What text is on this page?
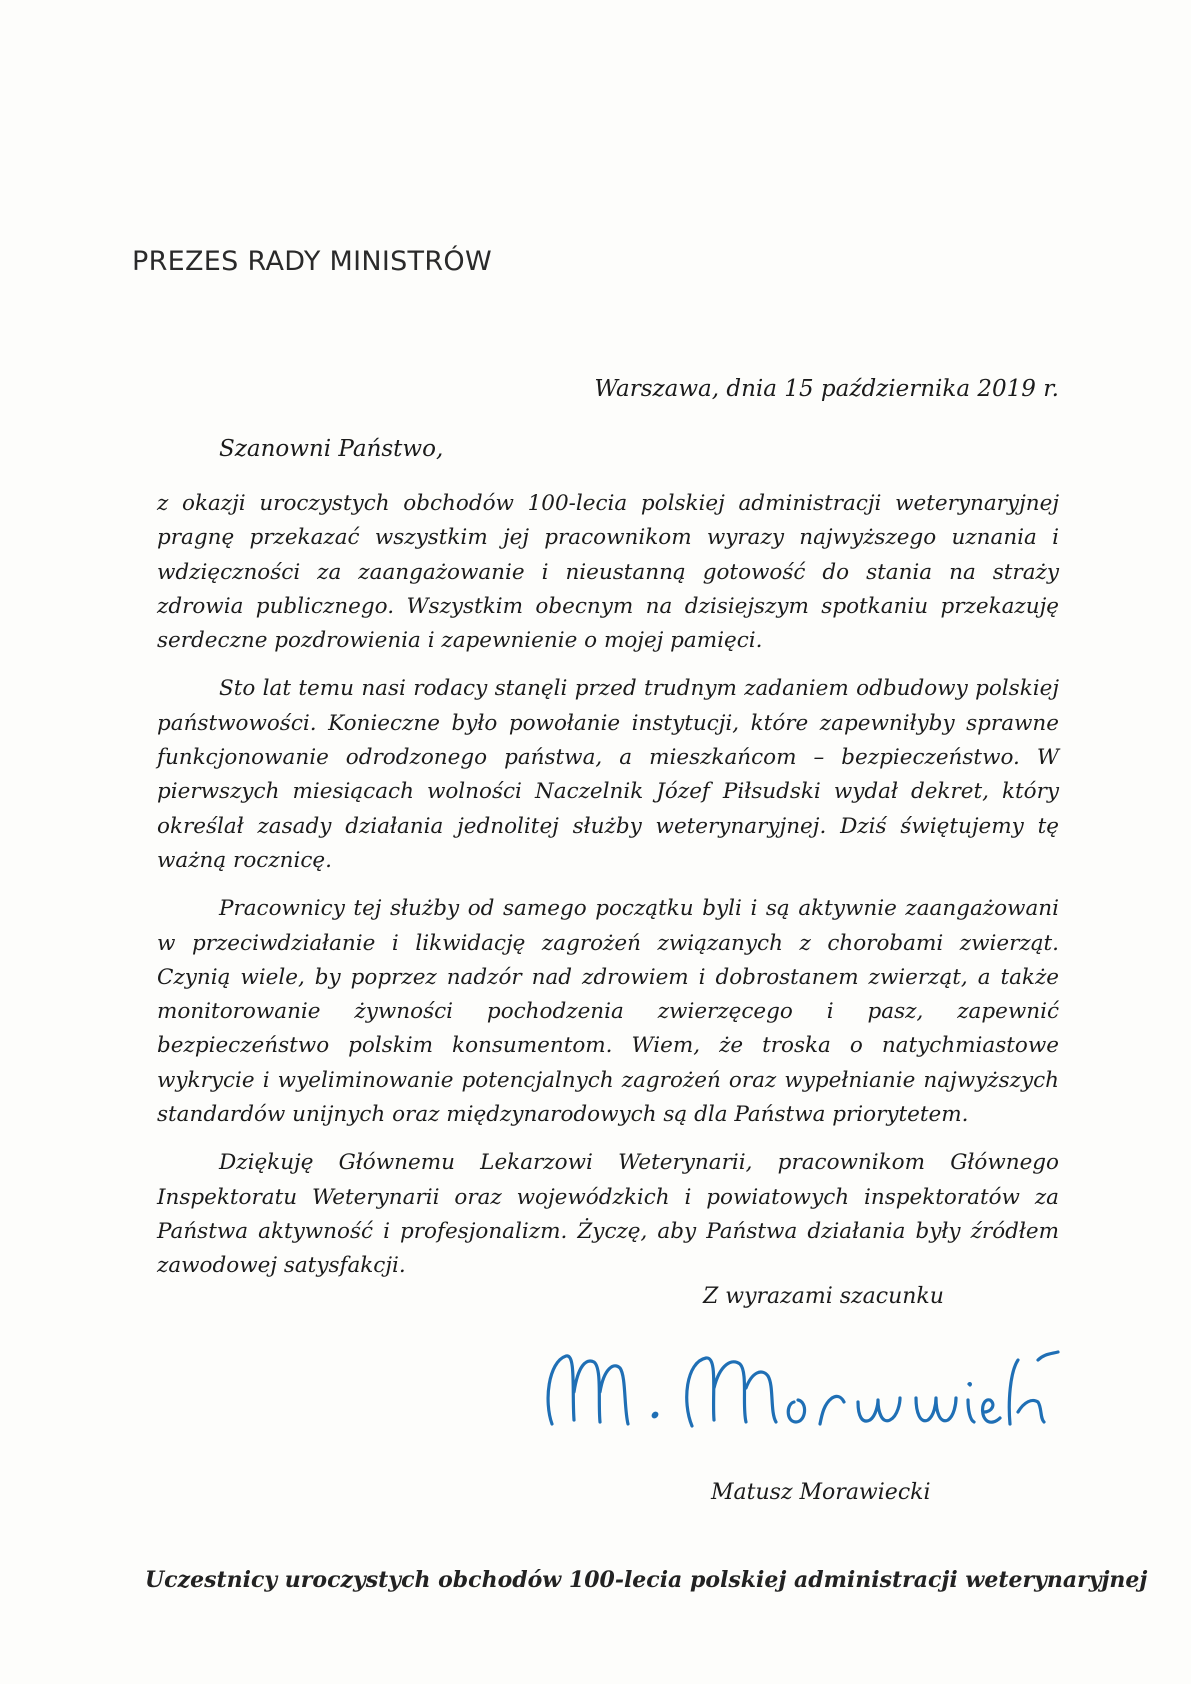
PREZES RADY MINISTRÓW
Warszawa, dnia 15 października 2019 r.
Szanowni Państwo,

z okazji uroczystych obchodów 100-lecia polskiej administracji weterynaryjnej pragnę przekazać wszystkim jej pracownikom wyrazy najwyższego uznania i wdzięczności za zaangażowanie i nieustanną gotowość do stania na straży zdrowia publicznego. Wszystkim obecnym na dzisiejszym spotkaniu przekazuję serdeczne pozdrowienia i zapewnienie o mojej pamięci.

Sto lat temu nasi rodacy stanęli przed trudnym zadaniem odbudowy polskiej państwowości. Konieczne było powołanie instytucji, które zapewniłyby sprawne funkcjonowanie odrodzonego państwa, a mieszkańcom – bezpieczeństwo. W pierwszych miesiącach wolności Naczelnik Józef Piłsudski wydał dekret, który określał zasady działania jednolitej służby weterynaryjnej. Dziś świętujemy tę ważną rocznicę.

Pracownicy tej służby od samego początku byli i są aktywnie zaangażowani w przeciwdziałanie i likwidację zagrożeń związanych z chorobami zwierząt. Czynią wiele, by poprzez nadzór nad zdrowiem i dobrostanem zwierząt, a także monitorowanie żywności pochodzenia zwierzęcego i pasz, zapewnić bezpieczeństwo polskim konsumentom. Wiem, że troska o natychmiastowe wykrycie i wyeliminowanie potencjalnych zagrożeń oraz wypełnianie najwyższych standardów unijnych oraz międzynarodowych są dla Państwa priorytetem.

Dziękuję Głównemu Lekarzowi Weterynarii, pracownikom Głównego Inspektoratu Weterynarii oraz wojewódzkich i powiatowych inspektoratów za Państwa aktywność i profesjonalizm. Życzę, aby Państwa działania były źródłem zawodowej satysfakcji.

Z wyrazami szacunku
Matusz Morawiecki
Uczestnicy uroczystych obchodów 100-lecia polskiej administracji weterynaryjnej
